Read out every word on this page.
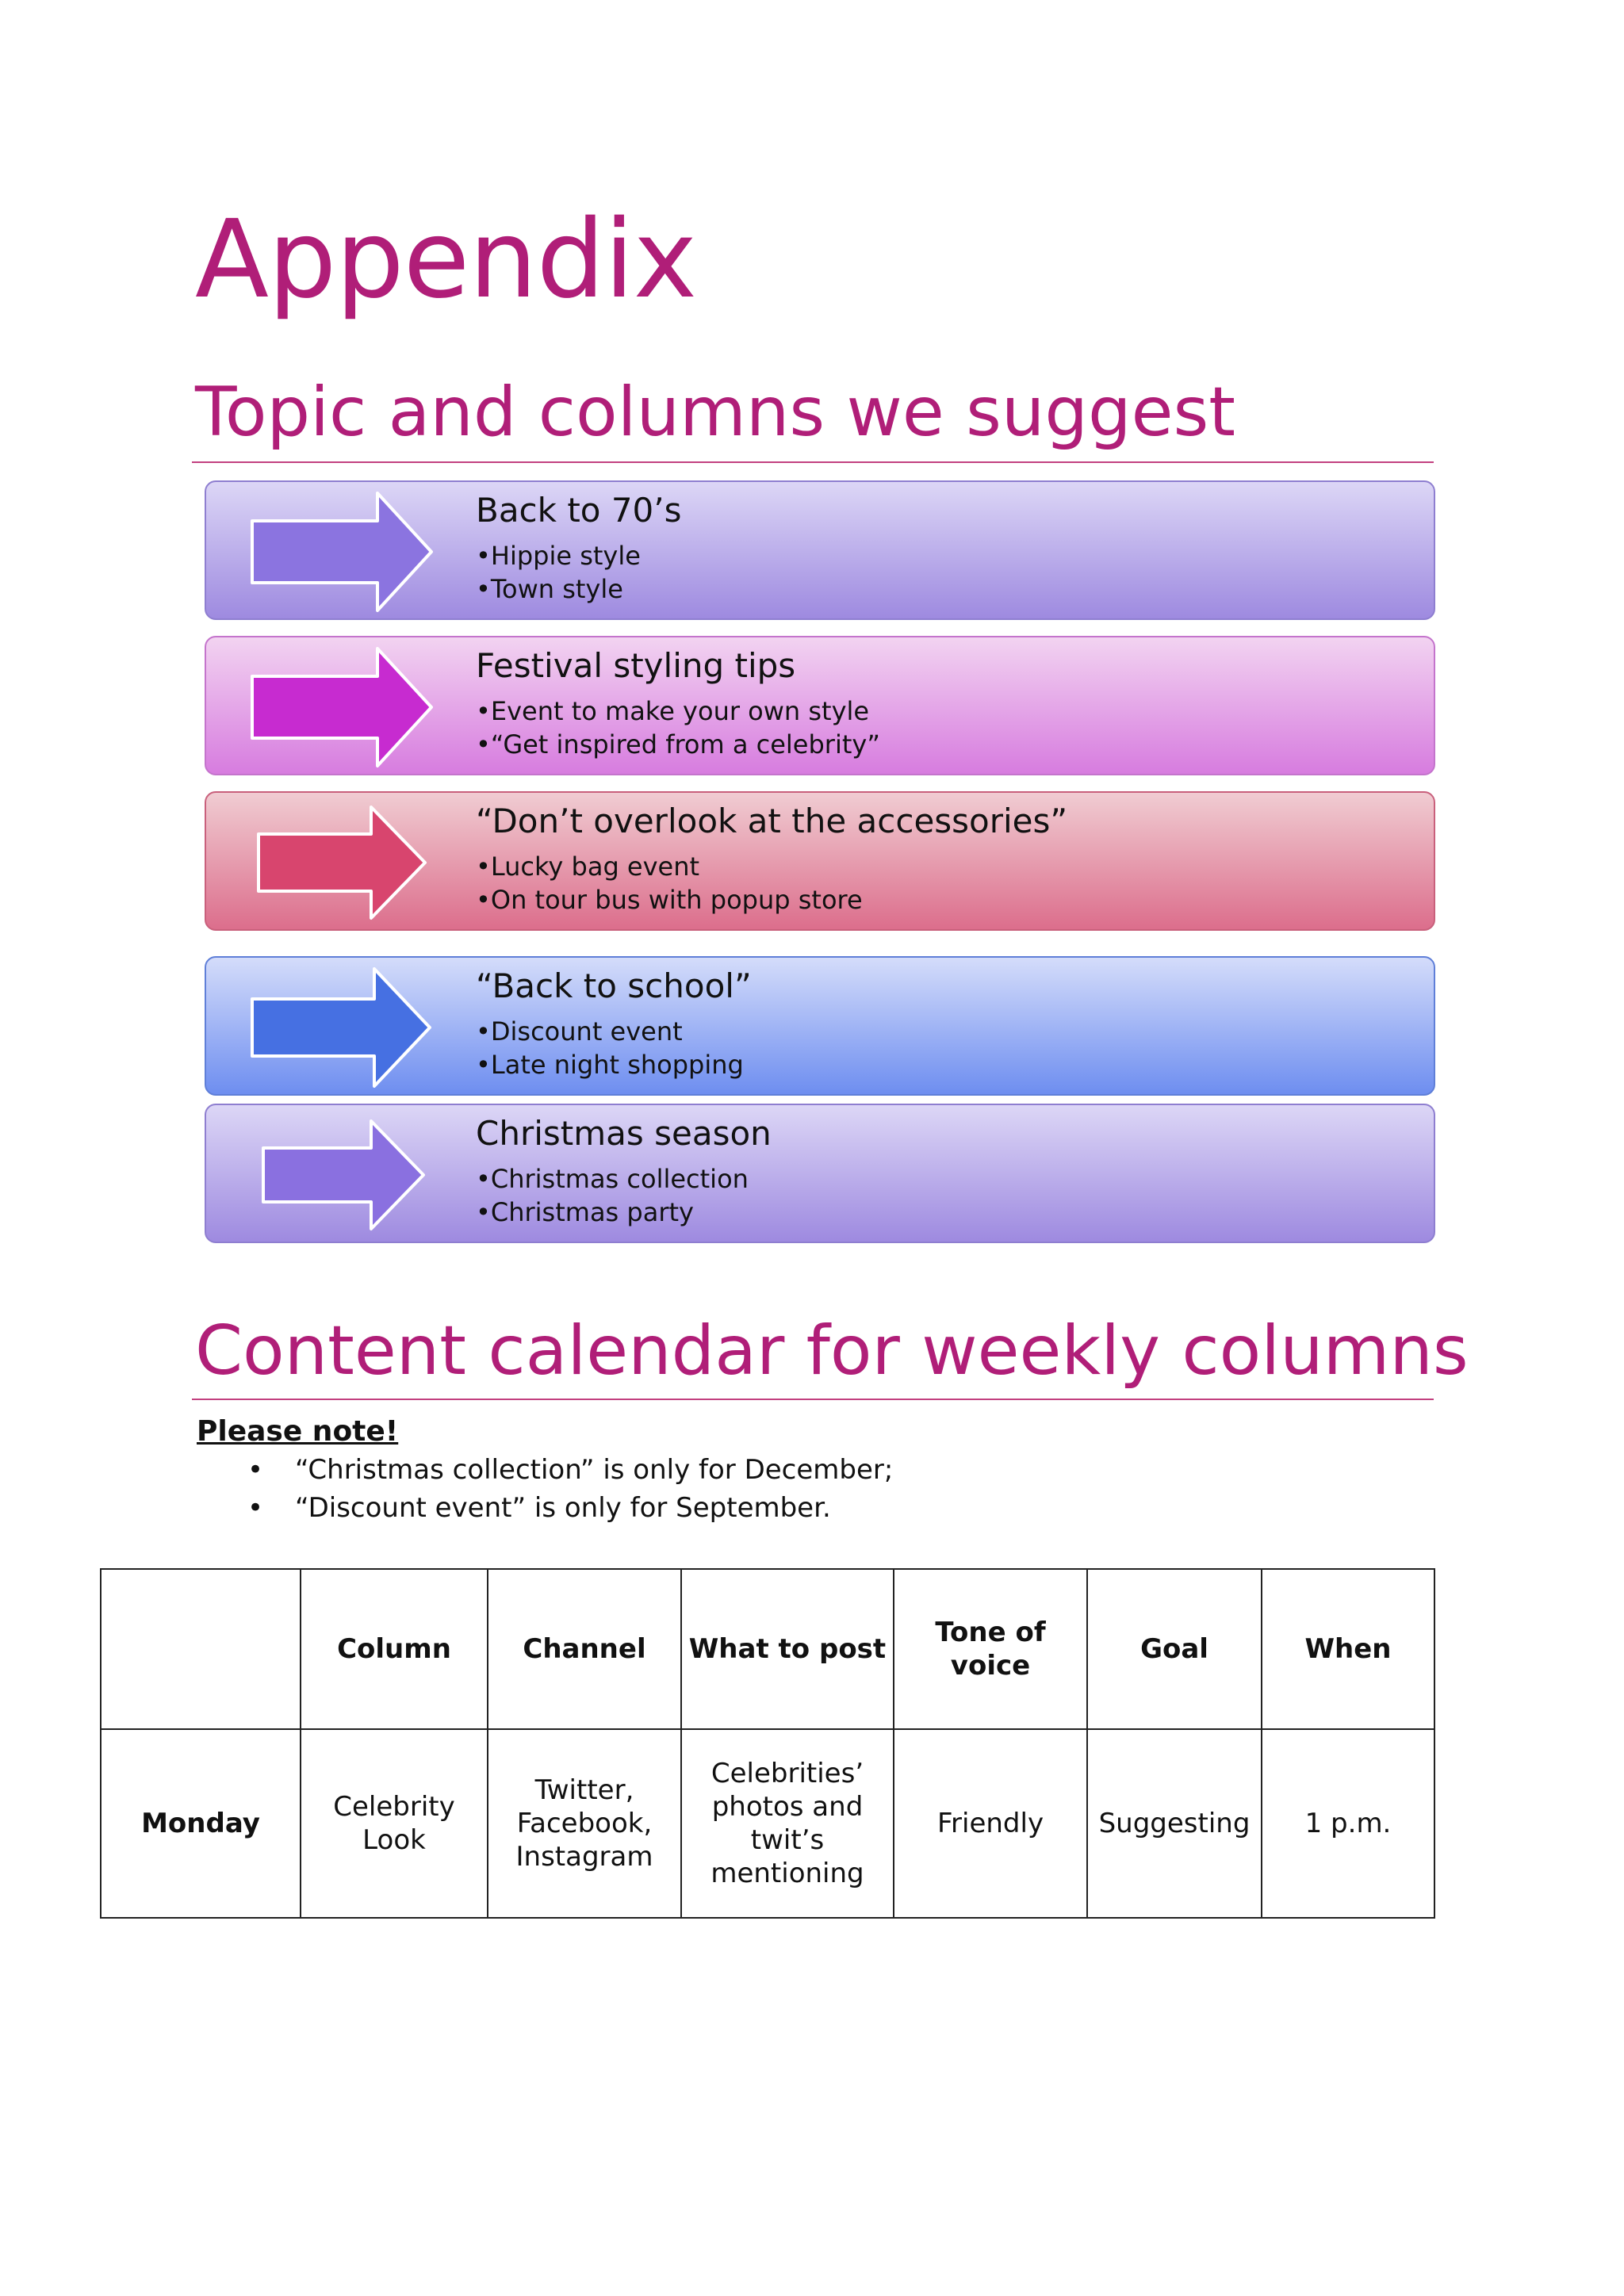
Appendix
Topic and columns we suggest
Back to 70’s
• Hippie style
• Town style
Festival styling tips
• Event to make your own style
• “Get inspired from a celebrity”
“Don’t overlook at the accessories”
• Lucky bag event
• On tour bus with popup store
“Back to school”
• Discount event
• Late night shopping
Christmas season
• Christmas collection
• Christmas party
Content calendar for weekly columns
Please note!
• “Christmas collection” is only for December;
• “Discount event” is only for September.
	Column	Channel	What to post	Tone of voice	Goal	When
Monday	Celebrity Look	Twitter, Facebook, Instagram	Celebrities’ photos and twit’s mentioning	Friendly	Suggesting	1 p.m.
